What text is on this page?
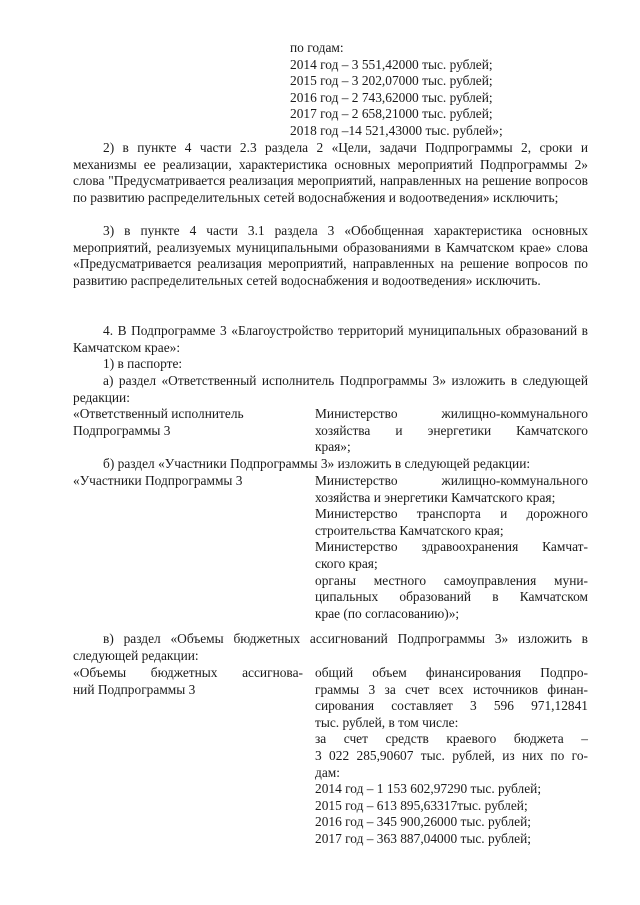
по годам:
2014 год – 3 551,42000 тыс. рублей;
2015 год – 3 202,07000 тыс. рублей;
2016 год – 2 743,62000 тыс. рублей;
2017 год – 2 658,21000 тыс. рублей;
2018 год –14 521,43000 тыс. рублей»;
2) в пункте 4 части 2.3 раздела 2 «Цели, задачи Подпрограммы 2, сроки и механизмы ее реализации, характеристика основных мероприятий Подпрограммы 2» слова "Предусматривается реализация мероприятий, направленных на решение вопросов по развитию распределительных сетей водоснабжения и водоотведения» исключить;
3) в пункте 4 части 3.1 раздела 3 «Обобщенная характеристика основных мероприятий, реализуемых муниципальными образованиями в Камчатском крае» слова «Предусматривается реализация мероприятий, направленных на решение вопросов по развитию распределительных сетей водоснабжения и водоотведения» исключить.
4. В Подпрограмме 3 «Благоустройство территорий муниципальных образований в Камчатском крае»:
1) в паспорте:
а) раздел «Ответственный исполнитель Подпрограммы 3» изложить в следующей редакции:
«Ответственный исполнитель
Подпрограммы 3
Министерство жилищно-коммунального
хозяйства и энергетики Камчатского
края»;
б) раздел «Участники Подпрограммы 3» изложить в следующей редакции:
«Участники Подпрограммы 3	Министерство жилищно-коммунального
хозяйства и энергетики Камчатского края;
Министерство транспорта и дорожного
строительства Камчатского края;
Министерство здравоохранения Камчат-
ского края;
органы местного самоуправления муни-
ципальных образований в Камчатском
крае (по согласованию)»;
в) раздел «Объемы бюджетных ассигнований Подпрограммы 3» изложить в следующей редакции:
«Объемы бюджетных ассигнова-
ний Подпрограммы 3
общий объем финансирования Подпро-
граммы 3 за счет всех источников финан-
сирования составляет 3 596 971,12841
тыс. рублей, в том числе:
за счет средств краевого бюджета –
3 022 285,90607 тыс. рублей, из них по го-
дам:
2014 год – 1 153 602,97290 тыс. рублей;
2015 год – 613 895,63317тыс. рублей;
2016 год – 345 900,26000 тыс. рублей;
2017 год – 363 887,04000 тыс. рублей;
